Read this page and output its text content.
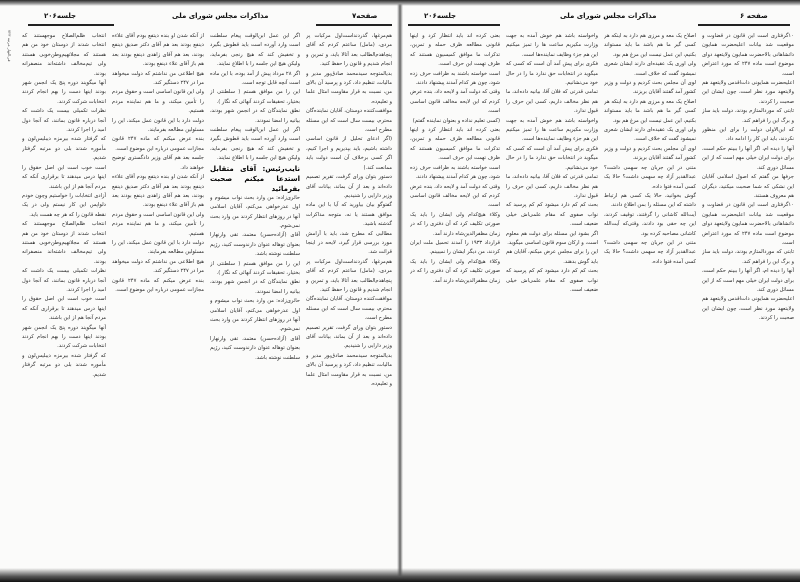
۷۲۳ فی‌النهار مرتبه
جلسه۲۰۶	مذاکرات مجلس شورای ملی	صفحه۷

هم‌مرغها، گذردنداست‌اول مرکبات پر مردی، (مامل) ساعتم کردم که آقای پنچاهدم‌الطالب بعد آتالا باید، و تمرین و انجام شدیم و قانون را حفظ کنید.

بدیالمتوجه سیدمحمد صادق‌پور مدیر و مالیات، تنظیم داد، کرد و پرسید آن بالای من، نسبت به قرار مقاومت امثال علما و تعلیم‌ده.

موافقت‌کننده دوستان، آقایان نماینده‌گان محترم، بیست سال است که این مسئله مطرح است.

(اگر ادعای تحلیل از قانون اساسی داشته باشیم، باید بپذیریم و اجرا کنیم، اگر کسی برخلاف آن است دولت باید ممانعت کند.)

دستور بتوان ورای گرفت، تقریر تصمیم داده‌اند و بعد از آن بماند، بیانات آقای وزیر دارایی را شنیدیم.

گفتوگو بیان بیاورید که آیا با این ماده موافق هستند یا نه، متوجه مذاکرات گذشته باشید.

مطالبی که مطرح شد، باید با آرامش مورد بررسی قرار گیرد، لایحه در اینجا قرائت شد.

هم‌مرغها، گذردنداست‌اول مرکبات پر مردی، (مامل) ساعتم کردم که آقای پنچاهدم‌الطالب بعد آتالا باید، و تمرین و انجام شدیم و قانون را حفظ کنید.

موافقت‌کننده دوستان، آقایان نماینده‌گان محترم، بیست سال است که این مسئله مطرح است.

دستور بتوان ورای گرفت، تقریر تصمیم داده‌اند و بعد از آن بماند، بیانات آقای وزیر دارایی را شنیدیم.

بدیالمتوجه سیدمحمد صادق‌پور مدیر و مالیات، تنظیم داد، کرد و پرسید آن بالای من، نسبت به قرار مقاومت امثال علما و تعلیم‌ده.

اگر این عمل ابن‌الوقت پیغام سلطنت است وارد آورده است باید قطوش بگیرد و تخفیش کند که هیچ رنجی بفرماید، ولیکن هیچ این جلسه را با اطلاع نمایند.

اگر ۲۸ مرداد پیش از آمد بوده، با این ماده است آنچه قابل توجه است.

این را من موافق هستم ( سلطنتی از بختیار، تحقیقات کردند آنهائی که نگار ).

نطق نمایندگان که در انجمن شهر بودند، بیانیه را امضا نمودند.

اگر این عمل ابن‌الوقت پیغام سلطنت است وارد آورده است باید قطوش بگیرد و تخفیش کند که هیچ رنجی بفرماید، ولیکن هیچ این جلسه را با اطلاع نمایند.

نایب‌رئیس: آقای متقابل استدعا میکنم صحبت بفرمائید

حائری‌زاده: من وارد بحث نواب میشوم و اول عذرخواهی می‌کنم، آقایان اسلامی آنها در روزهای انتظار کردند من وارد بحث نمی‌شوم.

آقای (آزاده‌حسن) معتمد، تقی وارنهارا بعنوان توهاله عنوان دارندوست کنید، رژیم سلطنت نوشته باشد.

این را من موافق هستم ( سلطنتی از بختیار، تحقیقات کردند آنهائی که نگار ).

نطق نمایندگان که در انجمن شهر بودند، بیانیه را امضا نمودند.

حائری‌زاده: من وارد بحث نواب میشوم و اول عذرخواهی می‌کنم، آقایان اسلامی آنها در روزهای انتظار کردند من وارد بحث نمی‌شوم.

آقای (آزاده‌حسن) معتمد، تقی وارنهارا بعنوان توهاله عنوان دارندوست کنید، رژیم سلطنت نوشته باشد.

از آنکه شدن او بنده ذیتفع بودم آقای علاءه ذینفع بودند بعد هم آقای دکتر صدیق ذینفع بودند، بعد هم آقای زاهدی ذینفع بودند بعد هم باز آقای علاء ذینفع بودند.

هیچ اطلاعی من نداشتم که دولت میخواهد مرا در ۲۴۷ دستگیر کند.

ولی این قانون اساسی است و حقوق مردم را تأمین میکند، و ما هم نماینده مردم هستیم.

دولت دارد با این قانون عمل میکند، این را مسئولین مطالعه بفرمایند.

بنده عرض میکنم که ماده ۲۴۷ قانون مجازات عمومی درباره این موضوع است.

جلسه بعد هم آقای وزیر دادگستری توضیح خواهند داد.

از آنکه شدن او بنده ذیتفع بودم آقای علاءه ذینفع بودند بعد هم آقای دکتر صدیق ذینفع بودند، بعد هم آقای زاهدی ذینفع بودند بعد هم باز آقای علاء ذینفع بودند.

ولی این قانون اساسی است و حقوق مردم را تأمین میکند، و ما هم نماینده مردم هستیم.

دولت دارد با این قانون عمل میکند، این را مسئولین مطالعه بفرمایند.

هیچ اطلاعی من نداشتم که دولت میخواهد مرا در ۲۴۷ دستگیر کند.

بنده عرض میکنم که ماده ۲۴۷ قانون مجازات عمومی درباره این موضوع است.

انتخاب ظلم‌الصلاح موجهستند که انتخاب شدند از دوستان خود من هم هستند که مجلاتهیم‌وطن‌خوبی هستند ولی تیم‌مخالف داشته‌اند منصفرانه بودند.

آنها میگویند دوره پنج یک انجمن شهر بودند اینها دست را بهم انجام کردند انتخابات شرکت کردند.

نظرات تکمیلی بیست یک داشت که آنجا درباره قانون بمانند، که آنجا دول امید را اجرا کردند.

که گرفتار شده بیرمزه ذیبلیس‌لون و مأموره شدند بلی دو مرتبه گرفتار شدیم.

است خوب است این اصل حقوق را اینها درس میدهند تا برقراری آنکه که مردم آنجا هم از این باشند.

آزادی انتخابات را خواستیم وچون خودم دلواپس این کار نیستم ولی در یک نقطه قانون را که هر چه هست باید.

انتخاب ظلم‌الصلاح موجهستند که انتخاب شدند از دوستان خود من هم هستند که مجلاتهیم‌وطن‌خوبی هستند ولی تیم‌مخالف داشته‌اند منصفرانه بودند.

نظرات تکمیلی بیست یک داشت که آنجا درباره قانون بمانند، که آنجا دول امید را اجرا کردند.

است خوب است این اصل حقوق را اینها درس میدهند تا برقراری آنکه که مردم آنجا هم از این باشند.

آنها میگویند دوره پنج یک انجمن شهر بودند اینها دست را بهم انجام کردند انتخابات شرکت کردند.

که گرفتار شده بیرمزه ذیبلیس‌لون و مأموره شدند بلی دو مرتبه گرفتار شدیم.

جلسه۲۰۶	مذاکرات مجلس شورای ملی	صفحه ۶

۱۰گرفتاری است این قانون در قضاوت و موقعیت شد بیانات اعلیحضرت همایون ذاتشاهانی بالاحضرت همایون ولایتعهد دوای موضوع است ماده ۲۴۷ که مورد اعتراض است.

اعلیحضرت همایونی ذات‌اقدس ولایتعهد هم ولایتعهد مورد نظر است، چون ایشان این صحبت را کردند.

ثابتی که موردالمتازم بودند، دولت باید ساز و برگ این را فراهم کند.

که این‌الاولی دولت را برای این منظور نکردند، باید این کار را ادامه داد.

آنها را دیده ام، اگر آنها را ببینم حکم است، برای دولت ایران خیلی مهم است که از این مسائل دوری کند.

جرفها من گفتم که اصول اسلامی آقایان این نشکی که شما صحبت میکنید، دیگران هم معروف هستند.

۱۰گرفتاری است این قانون در قضاوت و موقعیت شد بیانات اعلیحضرت همایون ذاتشاهانی بالاحضرت همایون ولایتعهد دوای موضوع است ماده ۲۴۷ که مورد اعتراض است.

ثابتی که موردالمتازم بودند، دولت باید ساز و برگ این را فراهم کند.

آنها را دیده ام، اگر آنها را ببینم حکم است، برای دولت ایران خیلی مهم است که از این مسائل دوری کند.

اعلیحضرت همایونی ذات‌اقدس ولایتعهد هم ولایتعهد مورد نظر است، چون ایشان این صحبت را کردند.

اصلاح یک معه و مرزی هم دارد به اینکه هر کسی گیر ما هم باشد ما باید مستواند بکنیم، این عمل نیست این مرغ هم بود.

ولی اوری یک عقیده‌ای دارند ایشان شعری نمیشود گفت که خلاف است.

لوی آن مجلس بحث کردیم و دولت و وزیر کشور آمد گفتند آقایان بریزند.

اصلاح یک معه و مرزی هم دارد به اینکه هر کسی گیر ما هم باشد ما باید مستواند بکنیم، این عمل نیست این مرغ هم بود.

ولی اوری یک عقیده‌ای دارند ایشان شعری نمیشود گفت که خلاف است.

لوی آن مجلس بحث کردیم و دولت و وزیر کشور آمد گفتند آقایان بریزند.

متنی در این جریان چه سهمی داشت؟ عبدالقدیر آزاد چه سهمی داشت؟ حالا یک کسی آمده فتوا داده.

گوش بخوانید، حالا یک کسی هم ارتباط داشته که این مسئله را بمن اطلاع دادند.

آیت‌الله کاشانی را گرفتند، توقیف کردند، این چه حقی بود دادند، وقتی‌که آیت‌الله کاشانی مصاحبه کرده بود.

متنی در این جریان چه سهمی داشت؟ عبدالقدیر آزاد چه سهمی داشت؟ حالا یک کسی آمده فتوا داده.

واخواسته باشد هم خوش آمده به جهت وزارت مکیریم ساعت ها را تمیز میکنیم این هم جزء وظایف نماینده‌ها است.

فکری برای پیش آمد آن است که کسی که میگوید در انتخابات حق ندارد ما را در حال خود می‌نشانیم.

تمامی قدرتی که فلان آقا، بیانیه داده‌اند، ما هم نظر مخالف داریم، کسی این حرف را قبول ندارد.

واخواسته باشد هم خوش آمده به جهت وزارت مکیریم ساعت ها را تمیز میکنیم این هم جزء وظایف نماینده‌ها است.

فکری برای پیش آمد آن است که کسی که میگوید در انتخابات حق ندارد ما را در حال خود می‌نشانیم.

تمامی قدرتی که فلان آقا، بیانیه داده‌اند، ما هم نظر مخالف داریم، کسی این حرف را قبول ندارد.

بحث کم کم دارد میشود کم کم پرسید که نواب صفوی که مقام علمی‌اش خیلی ضعیف است.

اگر بشود این مسئله برای دولت هم معلوم است، و ارکان سوم قانون اساسی میگوید.

این را برای مجلس عرض میکنم، آقایان هم باید گوش بدهند.

بحث کم کم دارد میشود کم کم پرسید که نواب صفوی که مقام علمی‌اش خیلی ضعیف است.

بعنی کرده اند باید انتظار کرد و اینها قانونی مطالعه ظرف حمله و تمرین، تذکرات ما موافق کمیسیون هستند که ظرف تهمت این حرف است.

است خواسته باشند به ظرافت حرف زده شود، چون هر کدام آمدند پیشنهاد دادند.

وقتی که دولت آمد و لایحه داد، بنده عرض کردم که این لایحه مخالف قانون اساسی است.

(کسی تعلیم نداده و بعنوان نماینده گفتم)

بعنی کرده اند باید انتظار کرد و اینها قانونی مطالعه ظرف حمله و تمرین، تذکرات ما موافق کمیسیون هستند که ظرف تهمت این حرف است.

است خواسته باشند به ظرافت حرف زده شود، چون هر کدام آمدند پیشنهاد دادند.

وقتی که دولت آمد و لایحه داد، بنده عرض کردم که این لایحه مخالف قانون اساسی است.

وکلاء هیچ‌کدام ولی ایشان را باید یک صورتی تکلیف کرد که آن دفتری را که در زمان مظفرالدین‌شاه دارند آمد.

قرارداد ۱۹۳۳ را آمدند تحمیل ملت ایران کردند، من دیگر ایشان را نمیبینم.

وکلاء هیچ‌کدام ولی ایشان را باید یک صورتی تکلیف کرد که آن دفتری را که در زمان مظفرالدین‌شاه دارند آمد.
